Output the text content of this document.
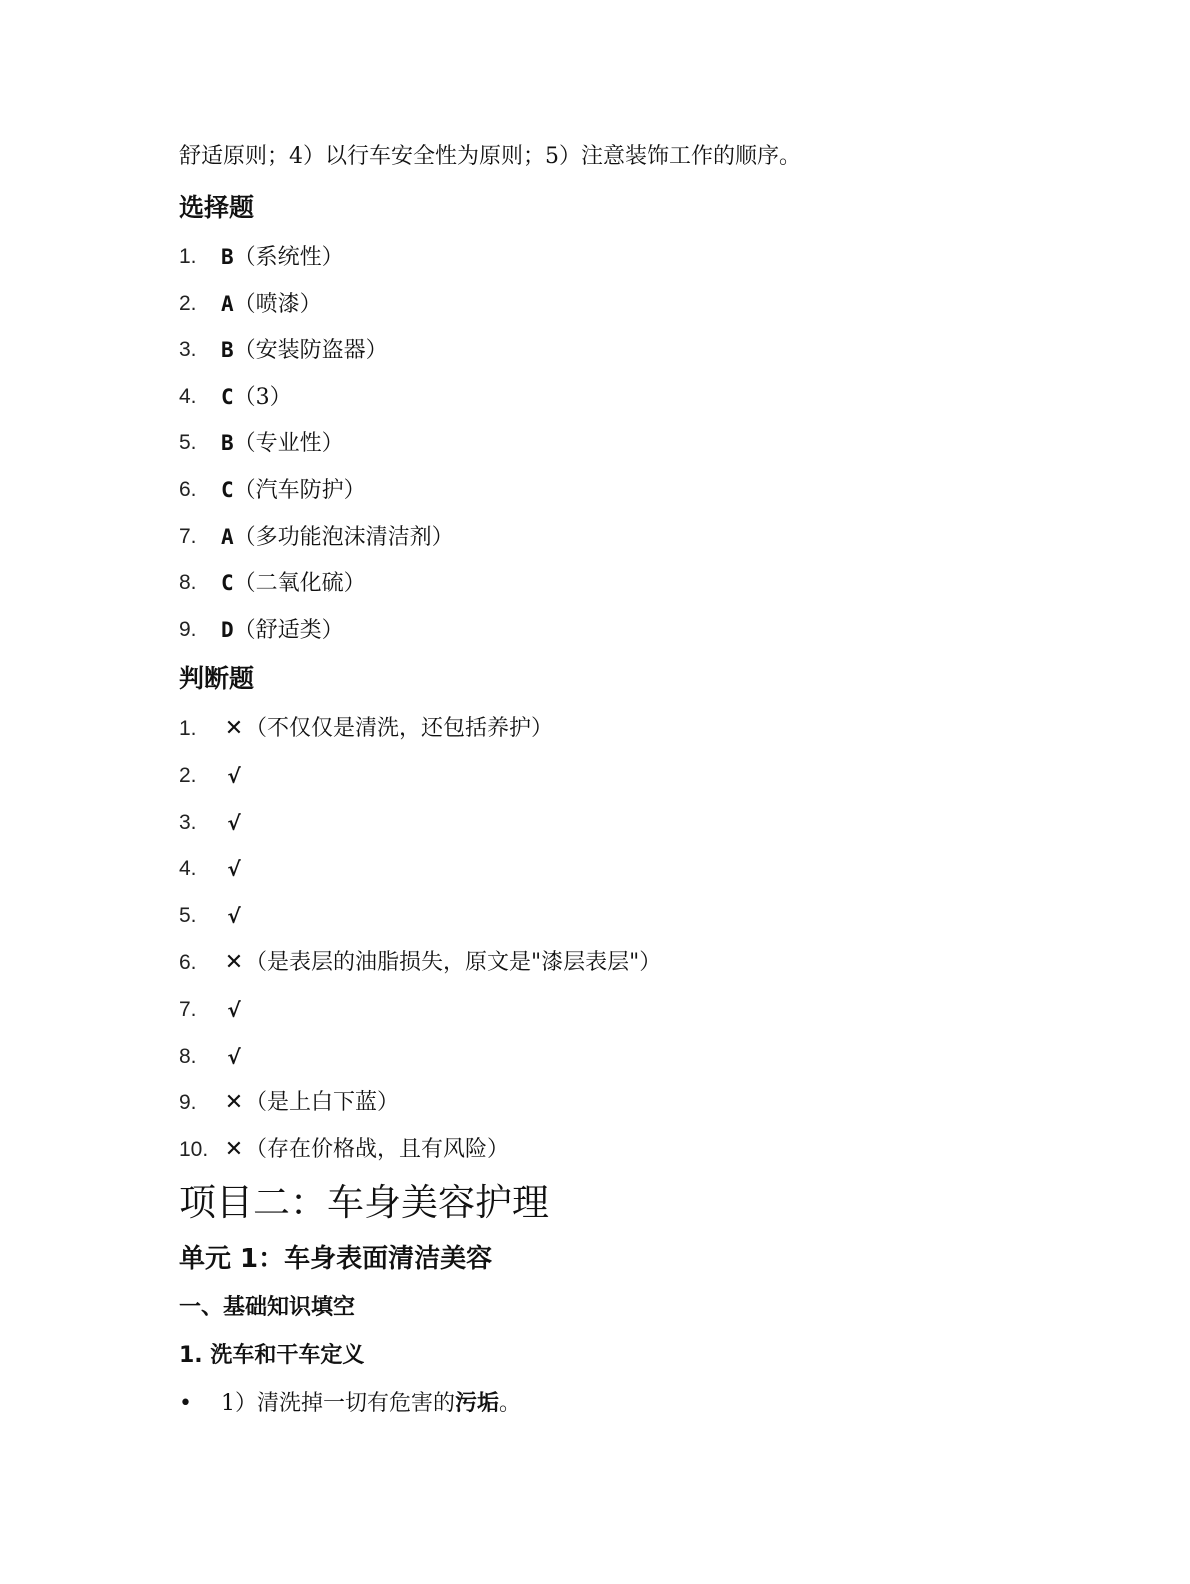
舒适原则；4）以行车安全性为原则；5）注意装饰工作的顺序。
选择题
1. B（系统性）
2. A（喷漆）
3. B（安装防盗器）
4. C（3）
5. B（专业性）
6. C（汽车防护）
7. A（多功能泡沫清洁剂）
8. C（二氧化硫）
9. D（舒适类）
判断题
1. ✕（不仅仅是清洗，还包括养护）
2. √
3. √
4. √
5. √
6. ✕（是表层的油脂损失，原文是"漆层表层"）
7. √
8. √
9. ✕（是上白下蓝）
10. ✕（存在价格战，且有风险）
项目二：车身美容护理
单元 1：车身表面清洁美容
一、基础知识填空
1. 洗车和干车定义
• 1）清洗掉一切有危害的污垢。
